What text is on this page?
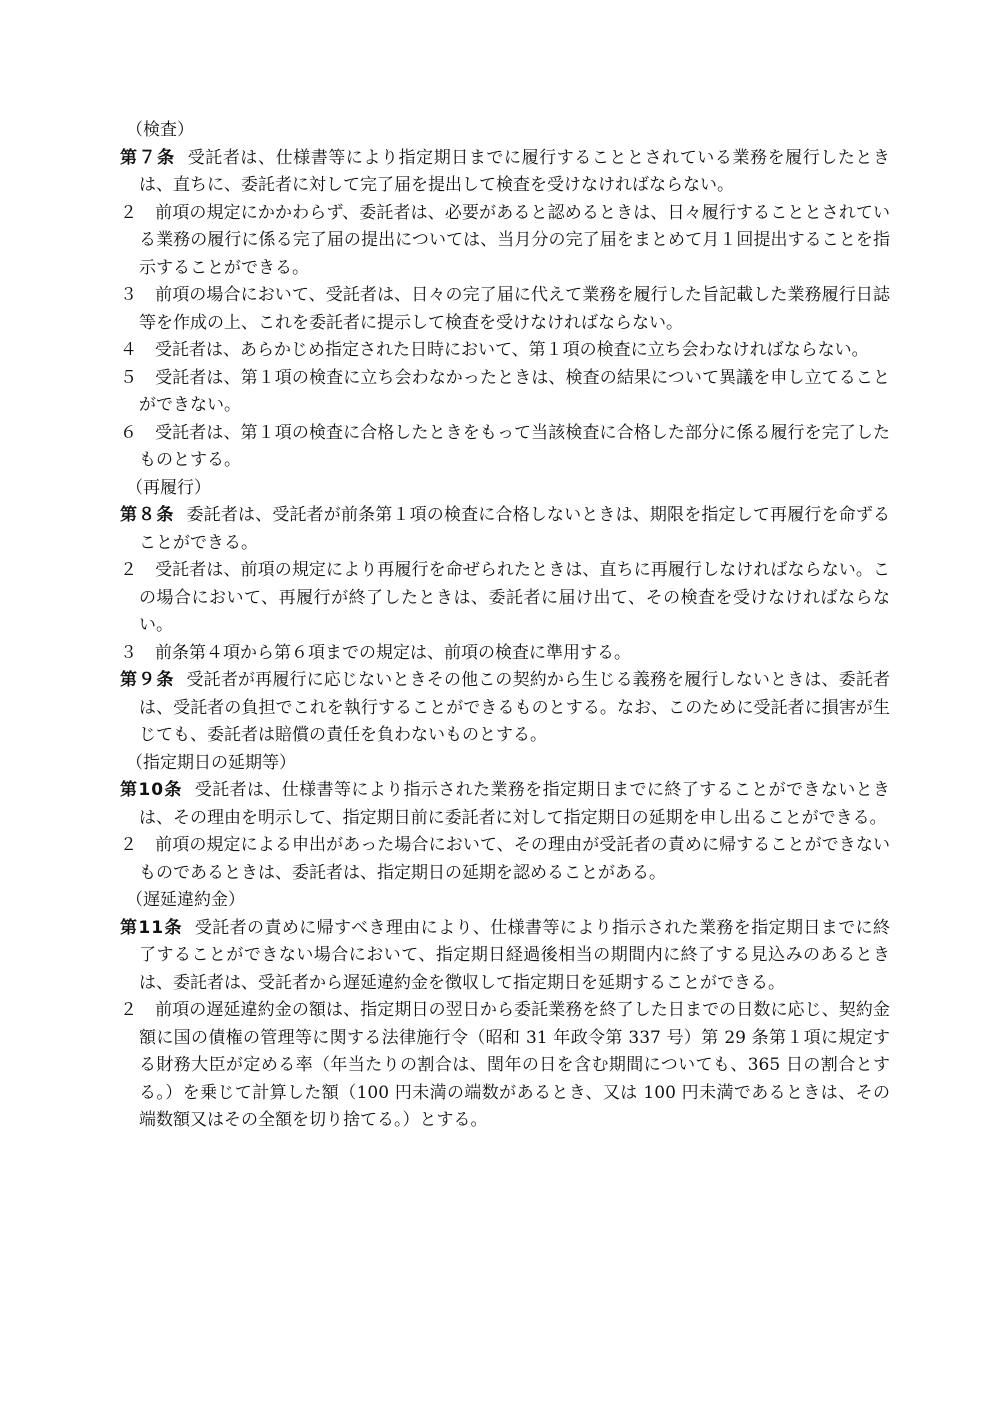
（検査）

第７条 受託者は、仕様書等により指定期日までに履行することとされている業務を履行したときは、直ちに、委託者に対して完了届を提出して検査を受けなければならない。

２ 前項の規定にかかわらず、委託者は、必要があると認めるときは、日々履行することとされている業務の履行に係る完了届の提出については、当月分の完了届をまとめて月１回提出することを指示することができる。

３ 前項の場合において、受託者は、日々の完了届に代えて業務を履行した旨記載した業務履行日誌等を作成の上、これを委託者に提示して検査を受けなければならない。

４ 受託者は、あらかじめ指定された日時において、第１項の検査に立ち会わなければならない。

５ 受託者は、第１項の検査に立ち会わなかったときは、検査の結果について異議を申し立てることができない。

６ 受託者は、第１項の検査に合格したときをもって当該検査に合格した部分に係る履行を完了したものとする。

（再履行）

第８条 委託者は、受託者が前条第１項の検査に合格しないときは、期限を指定して再履行を命ずることができる。

２ 受託者は、前項の規定により再履行を命ぜられたときは、直ちに再履行しなければならない。この場合において、再履行が終了したときは、委託者に届け出て、その検査を受けなければならない。

３ 前条第４項から第６項までの規定は、前項の検査に準用する。

第９条 受託者が再履行に応じないときその他この契約から生じる義務を履行しないときは、委託者は、受託者の負担でこれを執行することができるものとする。なお、このために受託者に損害が生じても、委託者は賠償の責任を負わないものとする。

（指定期日の延期等）

第10条 受託者は、仕様書等により指示された業務を指定期日までに終了することができないときは、その理由を明示して、指定期日前に委託者に対して指定期日の延期を申し出ることができる。

２ 前項の規定による申出があった場合において、その理由が受託者の責めに帰することができないものであるときは、委託者は、指定期日の延期を認めることがある。

（遅延違約金）

第11条 受託者の責めに帰すべき理由により、仕様書等により指示された業務を指定期日までに終了することができない場合において、指定期日経過後相当の期間内に終了する見込みのあるときは、委託者は、受託者から遅延違約金を徴収して指定期日を延期することができる。

２ 前項の遅延違約金の額は、指定期日の翌日から委託業務を終了した日までの日数に応じ、契約金額に国の債権の管理等に関する法律施行令（昭和 31 年政令第 337 号）第 29 条第１項に規定する財務大臣が定める率（年当たりの割合は、閏年の日を含む期間についても、365 日の割合とする。）を乗じて計算した額（100 円未満の端数があるとき、又は 100 円未満であるときは、その端数額又はその全額を切り捨てる。）とする。
